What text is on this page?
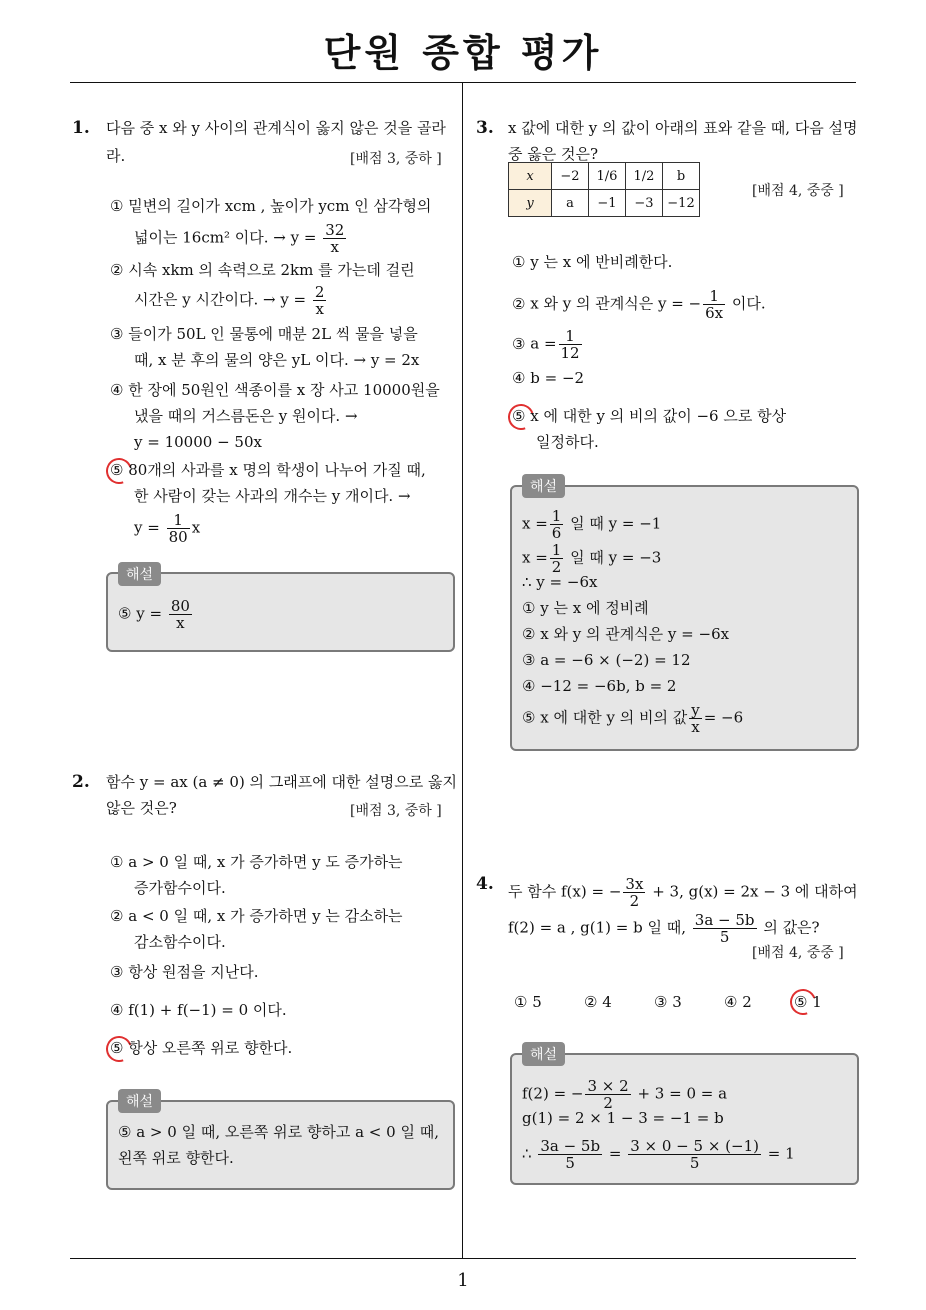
단원 종합 평가
1
1. 다음 중 x 와 y 사이의 관계식이 옳지 않은 것을 골라
라.	[배점 3, 중하 ]
① 밑변의 길이가 xcm , 높이가 ycm 인 삼각형의
넓이는 16cm² 이다. → $y = \frac{32}{x}$
② 시속 xkm 의 속력으로 2km 를 가는데 걸린
시간은 y 시간이다. → $y = \frac{2}{x}$
③ 들이가 50L 인 물통에 매분 2L 씩 물을 넣을
때, x 분 후의 물의 양은 yL 이다. → y = 2x
④ 한 장에 50원인 색종이를 x 장 사고 10000원을
냈을 때의 거스름돈은 y 원이다. →
y = 10000 − 50x
⑤ 80개의 사과를 x 명의 학생이 나누어 가질 때,
한 사람이 갖는 사과의 개수는 y 개이다. →
$y = \frac{1}{80}$ x
해설
⑤ $y = \frac{80}{x}$
2. 함수 y = ax (a ≠ 0) 의 그래프에 대한 설명으로 옳지
않은 것은?	[배점 3, 중하 ]
① a > 0 일 때, x 가 증가하면 y 도 증가하는
증가함수이다.
② a < 0 일 때, x 가 증가하면 y 는 감소하는
감소함수이다.
③ 항상 원점을 지난다.
④ f(1) + f(−1) = 0 이다.
⑤ 항상 오른쪽 위로 향한다.
해설
⑤ a > 0 일 때, 오른쪽 위로 향하고 a < 0 일 때,
왼쪽 위로 향한다.
3. x 값에 대한 y 의 값이 아래의 표와 같을 때, 다음 설명
중 옳은 것은?
x	−2	1/6	1/2	b
y	a	−1	−3	−12
[배점 4, 중중 ]
① y 는 x 에 반비례한다.
② x 와 y 의 관계식은 y = − $\frac{1}{6x}$ 이다.
③ $a = \frac{1}{12}$
④ b = −2
⑤ x 에 대한 y 의 비의 값이 −6 으로 항상
일정하다.
해설
$x = \frac{1}{6}$ 일 때 y = −1
$x = \frac{1}{2}$ 일 때 y = −3
∴ y = −6x
① y 는 x 에 정비례
② x 와 y 의 관계식은 y = −6x
③ a = −6 × (−2) = 12
④ −12 = −6b, b = 2
⑤ x 에 대한 y 의 비의 값 $\frac{y}{x} = -6$
4. 두 함수 f(x) = − $\frac{3x}{2} + 3$, g(x) = 2x − 3 에 대하여
f(2) = a , g(1) = b 일 때, $\frac{3a - 5b}{5}$ 의 값은?
[배점 4, 중중 ]
① 5	② 4	③ 3	④ 2	⑤ 1
해설
f(2) = − $\frac{3 \times 2}{2} + 3 = 0 = a$
g(1) = 2 × 1 − 3 = −1 = b
∴ $\frac{3a - 5b}{5} = \frac{3 \times 0 - 5 \times (-1)}{5} = 1$
